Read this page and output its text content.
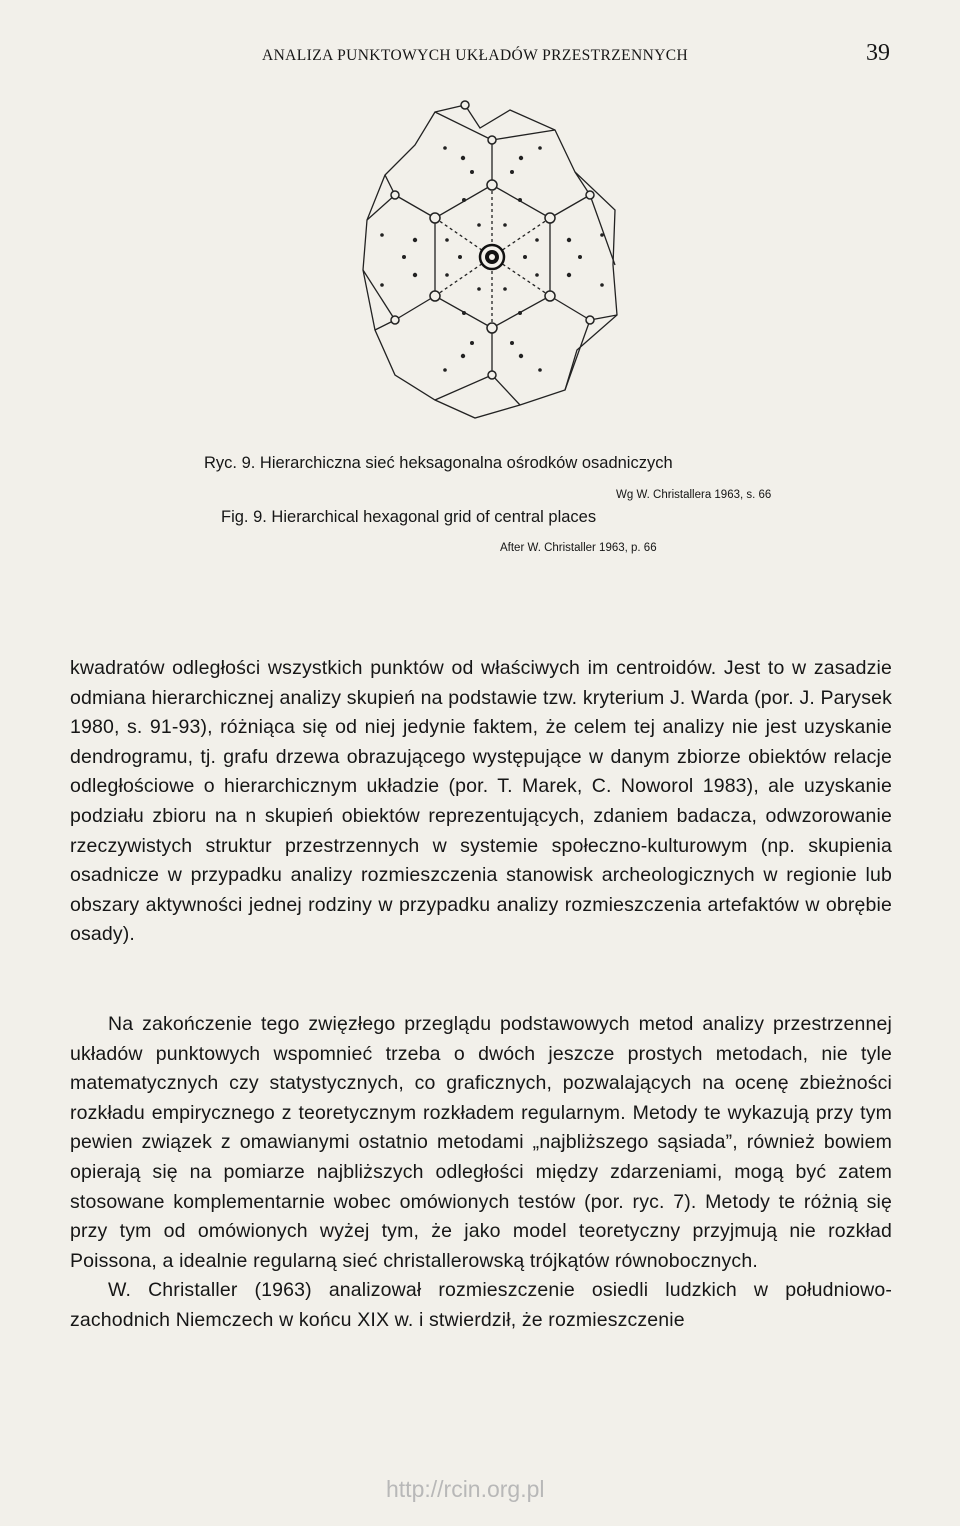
ANALIZA PUNKTOWYCH UKŁADÓW PRZESTRZENNYCH	39
Ryc. 9. Hierarchiczna sieć heksagonalna ośrodków osadniczych
Wg W. Christallera 1963, s. 66
Fig. 9. Hierarchical hexagonal grid of central places
After W. Christaller 1963, p. 66

kwadratów odległości wszystkich punktów od właściwych im centroidów. Jest to w zasadzie odmiana hierarchicznej analizy skupień na podstawie tzw. kryterium J. Warda (por. J. Parysek 1980, s. 91-93), różniąca się od niej jedynie faktem, że celem tej analizy nie jest uzyskanie dendrogramu, tj. grafu drzewa obrazującego występujące w danym zbiorze obiektów relacje odległościowe o hierarchicznym układzie (por. T. Marek, C. Noworol 1983), ale uzyskanie podziału zbioru na n skupień obiektów reprezentujących, zdaniem badacza, odwzorowanie rzeczywistych struktur przestrzennych w systemie społeczno-kulturowym (np. skupienia osadnicze w przypadku analizy rozmieszczenia stanowisk archeologicznych w regionie lub obszary aktywności jednej rodziny w przypadku analizy rozmieszczenia artefaktów w obrębie osady).

Na zakończenie tego zwięzłego przeglądu podstawowych metod analizy przestrzennej układów punktowych wspomnieć trzeba o dwóch jeszcze prostych metodach, nie tyle matematycznych czy statystycznych, co graficznych, pozwalających na ocenę zbieżności rozkładu empirycznego z teoretycznym rozkładem regularnym. Metody te wykazują przy tym pewien związek z omawianymi ostatnio metodami „najbliższego sąsiada”, również bowiem opierają się na pomiarze najbliższych odległości między zdarzeniami, mogą być zatem stosowane komplementarnie wobec omówionych testów (por. ryc. 7). Metody te różnią się przy tym od omówionych wyżej tym, że jako model teoretyczny przyjmują nie rozkład Poissona, a idealnie regularną sieć christallerowską trójkątów równobocznych.

W. Christaller (1963) analizował rozmieszczenie osiedli ludzkich w południowo-zachodnich Niemczech w końcu XIX w. i stwierdził, że rozmieszczenie

http://rcin.org.pl
